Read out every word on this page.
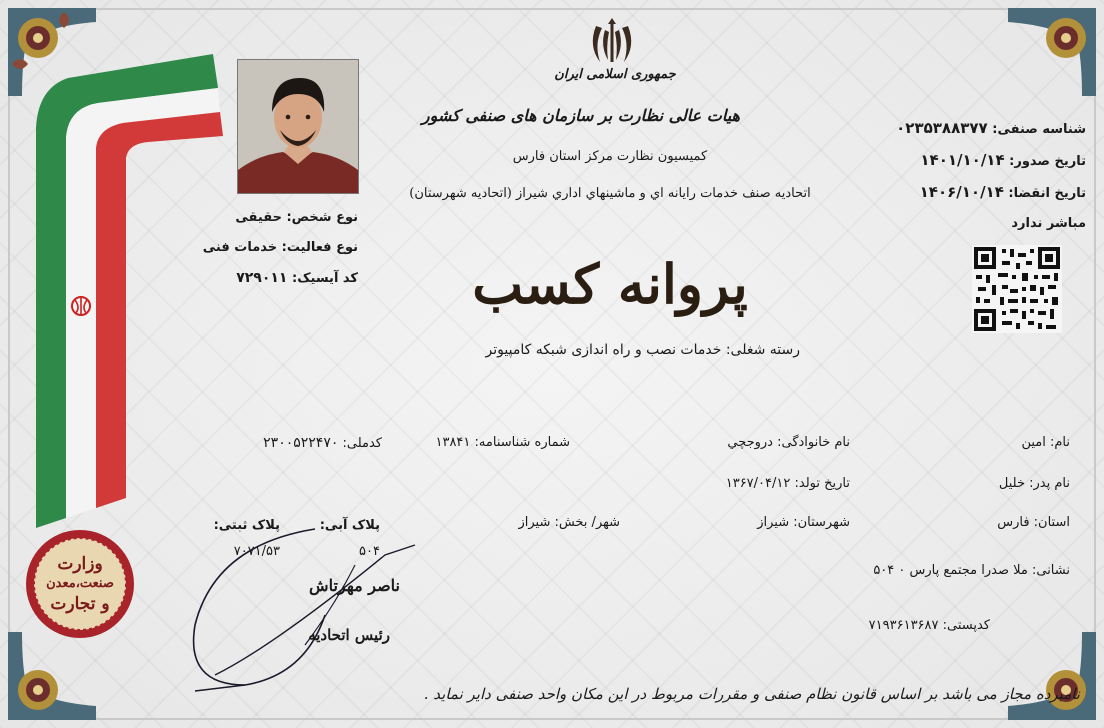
وزارت
صنعت،معدن
و تجارت
جمهوری اسلامی ایران
هیات عالی نظارت بر سازمان های صنفی کشور
کمیسیون نظارت مرکز استان فارس
اتحادیه صنف خدمات رایانه اي و ماشینهاي اداري شیراز (اتحادیه شهرستان)
شناسه صنفی: ۰۲۳۵۳۸۸۳۷۷
تاریخ صدور: ۱۴۰۱/۱۰/۱۴
تاریخ انقضا: ۱۴۰۶/۱۰/۱۴
مباشر ندارد
نوع شخص: حقیقی
نوع فعالیت: خدمات فنی
کد آیسیک: ۷۲۹۰۱۱	پروانه کسب
رسته شغلی: خدمات نصب و راه اندازی شبکه کامپیوتر
نام: امین
نام خانوادگی: دروجچي
شماره شناسنامه: ۱۳۸۴۱
کدملی: ۲۳۰۰۵۲۲۴۷۰
نام پدر: خلیل
تاریخ تولد: ۱۳۶۷/۰۴/۱۲
استان: فارس
شهرستان: شیراز
شهر/ بخش: شیراز
پلاک آبی:
۵۰۴
پلاک ثبتی:
۷۰۷۱/۵۳
نشانی: ملا صدرا مجتمع پارس ۰ ۵۰۴
کدپستی: ۷۱۹۳۶۱۳۶۸۷
ناصر مهرتاش
رئیس اتحادیه
نامبرده مجاز می باشد بر اساس قانون نظام صنفی و مقررات مربوط در این مکان واحد صنفی دایر نماید .
